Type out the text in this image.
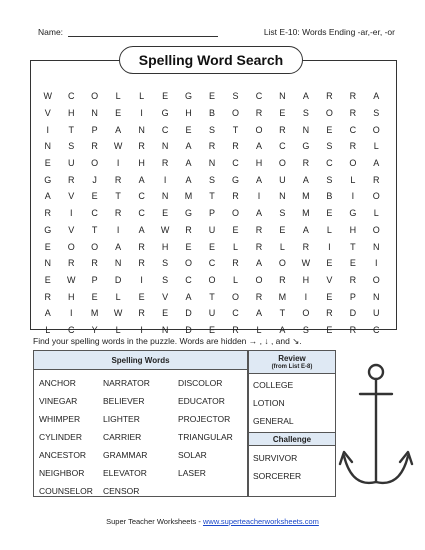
Name:	List E-10: Words Ending -ar,-er, -or
Spelling Word Search
W	C	O	L	L	E	G	E	S	C	N	A	R	R	A
V	H	N	E	I	G	H	B	O	R	E	S	O	R	S
I	T	P	A	N	C	E	S	T	O	R	N	E	C	O
N	S	R	W	R	N	A	R	R	A	C	G	S	R	L
E	U	O	I	H	R	A	N	C	H	O	R	C	O	A
G	R	J	R	A	I	A	S	G	A	U	A	S	L	R
A	V	E	T	C	N	M	T	R	I	N	M	B	I	O
R	I	C	R	C	E	G	P	O	A	S	M	E	G	L
G	V	T	I	A	W	R	U	E	R	E	A	L	H	O
E	O	O	A	R	H	E	E	L	R	L	R	I	T	N
N	R	R	N	R	S	O	C	R	A	O	W	E	E	I
E	W	P	D	I	S	C	O	L	O	R	H	V	R	O
R	H	E	L	E	V	A	T	O	R	M	I	E	P	N
A	I	M	W	R	E	D	U	C	A	T	O	R	D	U
L	C	Y	L	I	N	D	E	R	L	A	S	E	R	C
Find your spelling words in the puzzle. Words are hidden → , ↓ , and ↘.
Spelling Words
ANCHOR	NARRATOR	DISCOLOR
VINEGAR	BELIEVER	EDUCATOR
WHIMPER	LIGHTER	PROJECTOR
CYLINDER	CARRIER	TRIANGULAR
ANCESTOR	GRAMMAR	SOLAR
NEIGHBOR	ELEVATOR	LASER
COUNSELOR	CENSOR
Review
(from List E-8)
COLLEGE
LOTION
GENERAL
Challenge
SURVIVOR
SORCERER
Super Teacher Worksheets - www.superteacherworksheets.com
